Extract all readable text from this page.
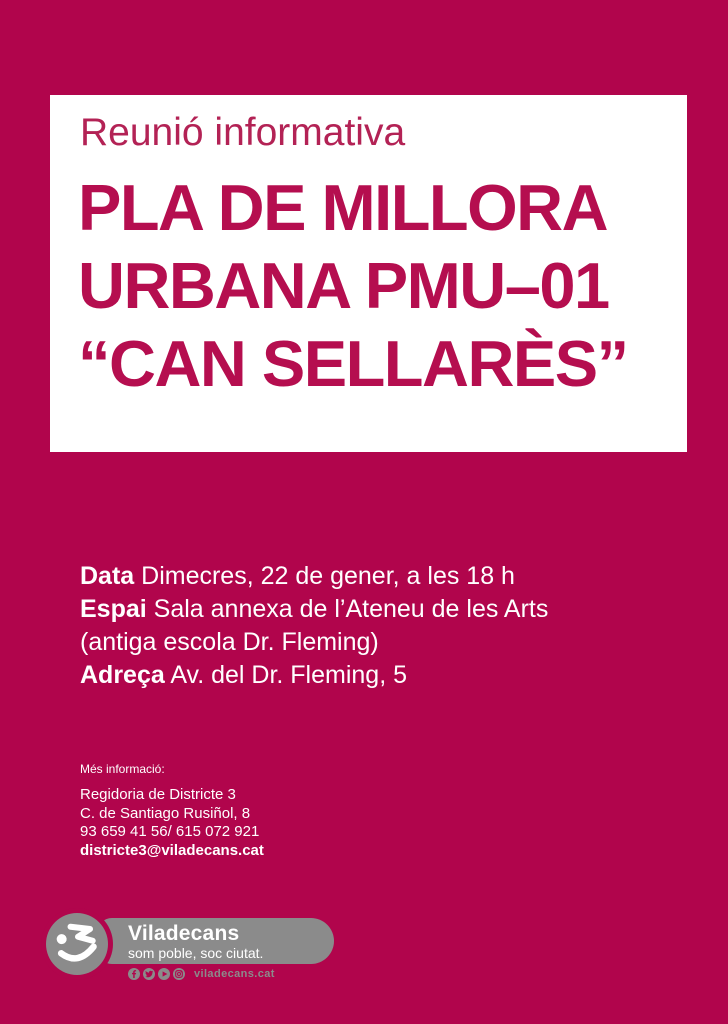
Reunió informativa
PLA DE MILLORA
URBANA PMU–01
“CAN SELLARÈS”
Data Dimecres, 22 de gener, a les 18 h
Espai Sala annexa de l’Ateneu de les Arts
(antiga escola Dr. Fleming)
Adreça Av. del Dr. Fleming, 5
Més informació:
Regidoria de Districte 3
C. de Santiago Rusiñol, 8
93 659 41 56/ 615 072 921
districte3@viladecans.cat
Viladecans
som poble, soc ciutat.
viladecans.cat
